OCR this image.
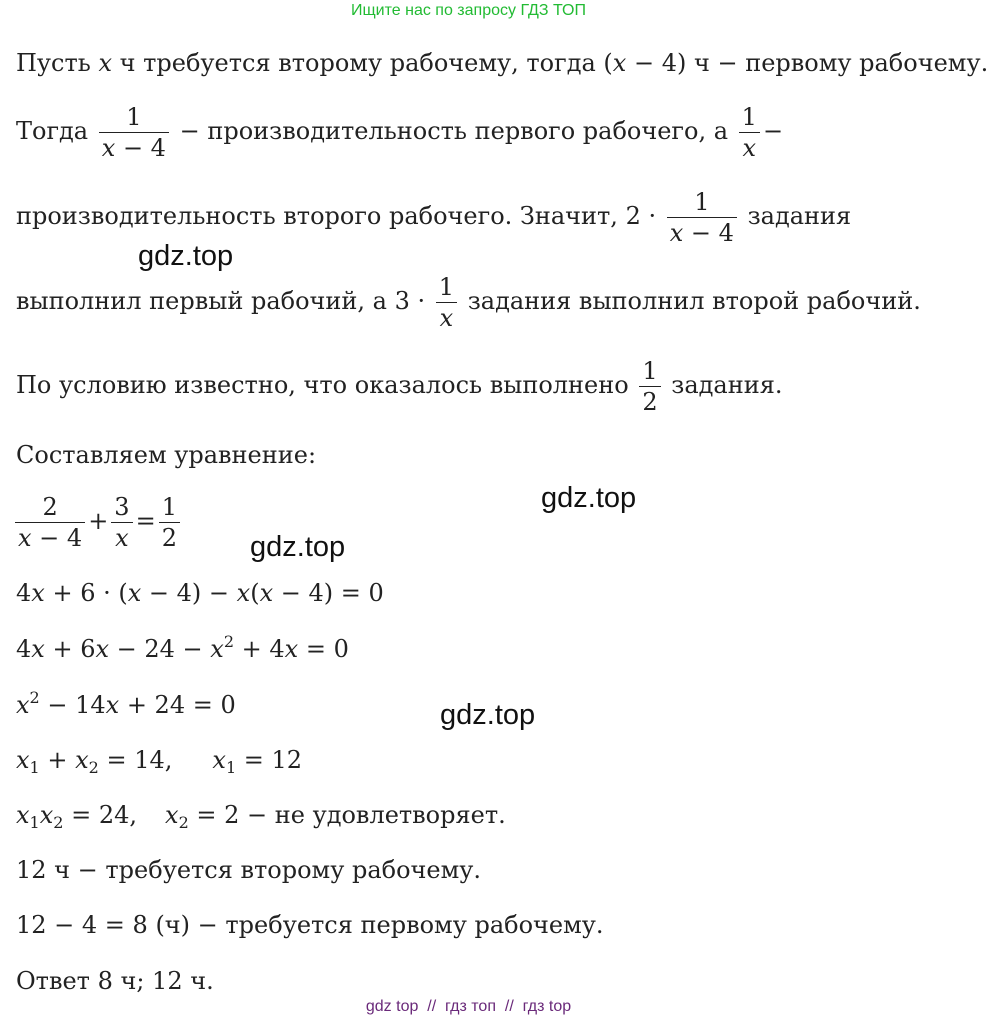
Ищите нас по запросу ГДЗ ТОП
Пусть x ч требуется второму рабочему, тогда (x − 4) ч − первому рабочему.
Тогда $\frac{1}{x - 4}$ − производительность первого рабочего, а $\frac{1}{x}$ −
производительность второго рабочего. Значит, $2 \cdot \frac{1}{x - 4}$ задания
gdz.top
выполнил первый рабочий, а $3 \cdot \frac{1}{x}$ задания выполнил второй рабочий.
По условию известно, что оказалось выполнено $\frac{1}{2}$ задания.
Составляем уравнение:
gdz.top
$\frac{2}{x - 4} + \frac{3}{x} = \frac{1}{2} gdz.top$
4x + 6 · (x − 4) − x(x − 4) = 0
$4x + 6x - 24 - x^2 + 4x = 0$
$x^2 - 14x + 24 = 0$	gdz.top
$x_1 + x_2 = 14$, $x_1 = 12$
$x_1x_2 = 24$, $x_2 = 2$ − не удовлетворяет.
12 ч − требуется второму рабочему.
12 − 4 = 8 (ч) − требуется первому рабочему.
Ответ 8 ч; 12 ч.
gdz top  //  гдз топ  //  гдз top
